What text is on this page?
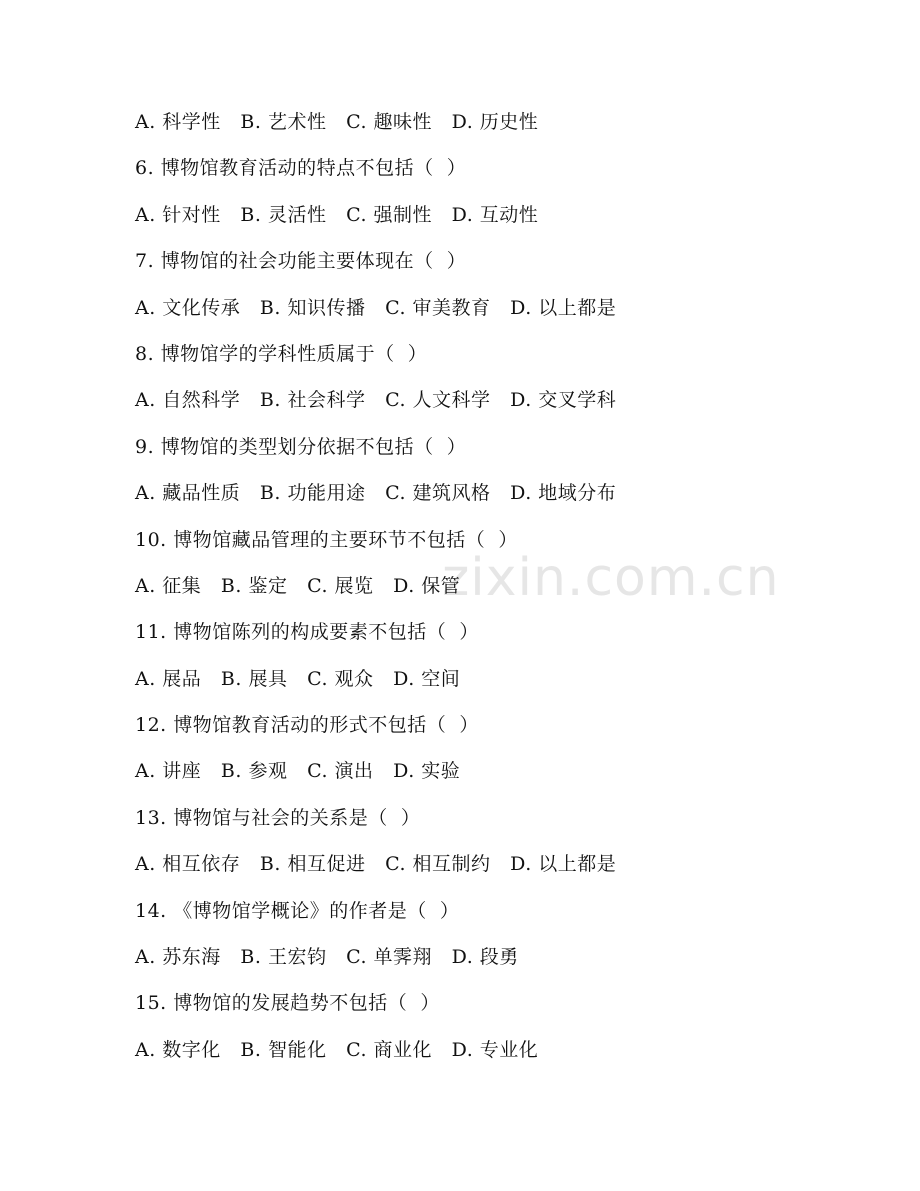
zixin.com.cn
A. 科学性   B. 艺术性   C. 趣味性   D. 历史性
6. 博物馆教育活动的特点不包括（  ）
A. 针对性   B. 灵活性   C. 强制性   D. 互动性
7. 博物馆的社会功能主要体现在（  ）
A. 文化传承   B. 知识传播   C. 审美教育   D. 以上都是
8. 博物馆学的学科性质属于（  ）
A. 自然科学   B. 社会科学   C. 人文科学   D. 交叉学科
9. 博物馆的类型划分依据不包括（  ）
A. 藏品性质   B. 功能用途   C. 建筑风格   D. 地域分布
10. 博物馆藏品管理的主要环节不包括（  ）
A. 征集   B. 鉴定   C. 展览   D. 保管
11. 博物馆陈列的构成要素不包括（  ）
A. 展品   B. 展具   C. 观众   D. 空间
12. 博物馆教育活动的形式不包括（  ）
A. 讲座   B. 参观   C. 演出   D. 实验
13. 博物馆与社会的关系是（  ）
A. 相互依存   B. 相互促进   C. 相互制约   D. 以上都是
14. 《博物馆学概论》的作者是（  ）
A. 苏东海   B. 王宏钧   C. 单霁翔   D. 段勇
15. 博物馆的发展趋势不包括（  ）
A. 数字化   B. 智能化   C. 商业化   D. 专业化
